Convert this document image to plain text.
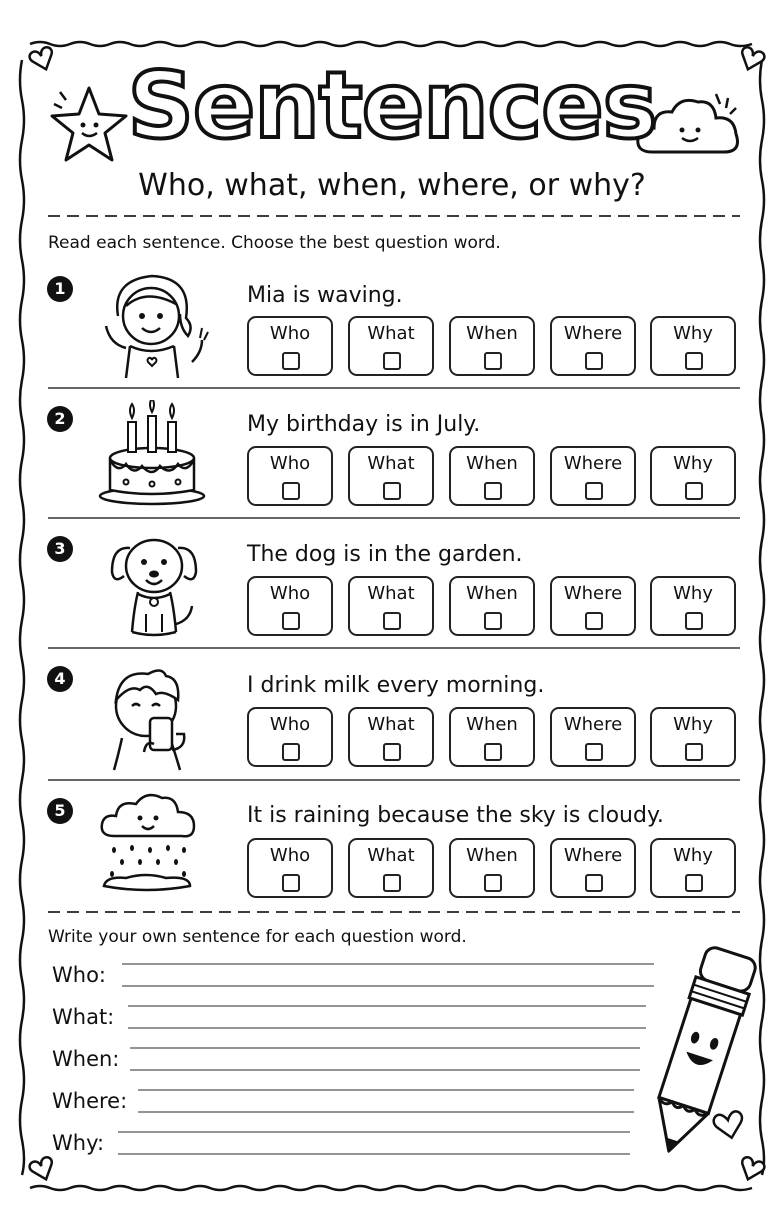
Sentences
Who, what, when, where, or why?
Read each sentence. Choose the best question word.
1	Mia is waving.
Who	What	When	Where	Why
2	My birthday is in July.
Who	What	When	Where	Why
3	The dog is in the garden.
Who	What	When	Where	Why
4	I drink milk every morning.
Who	What	When	Where	Why
5	It is raining because the sky is cloudy.
Who	What	When	Where	Why
Write your own sentence for each question word.
Who:
What:
When:
Where:
Why:
